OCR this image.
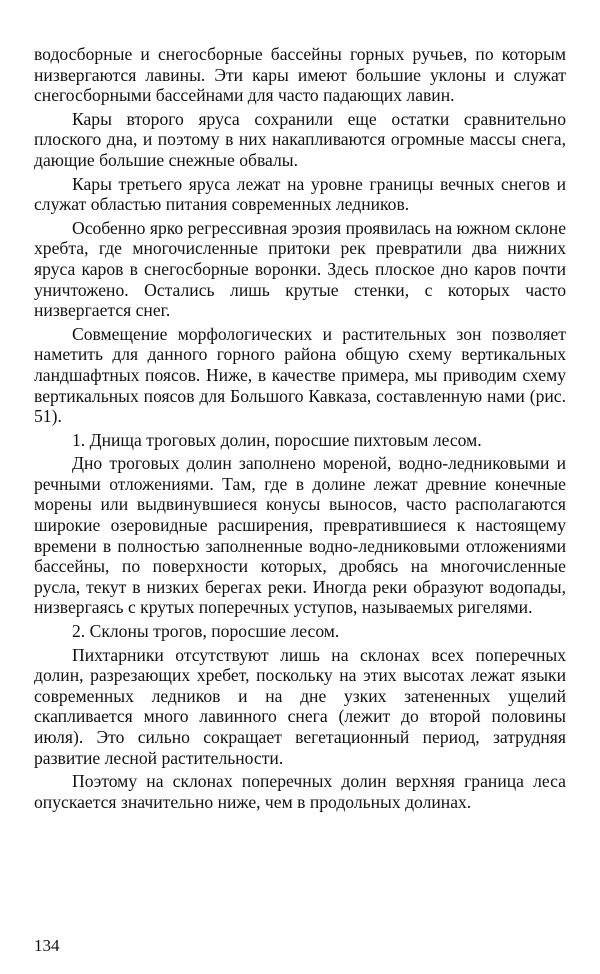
водосборные и снегосборные бассейны горных ручьев, по которым низвергаются лавины. Эти кары имеют большие уклоны и служат снегосборными бассейнами для часто падающих лавин.

Кары второго яруса сохранили еще остатки сравнительно плоского дна, и поэтому в них накапливаются огромные массы снега, дающие большие снежные обвалы.

Кары третьего яруса лежат на уровне границы вечных снегов и служат областью питания современных ледников.

Особенно ярко регрессивная эрозия проявилась на южном склоне хребта, где многочисленные притоки рек превратили два нижних яруса каров в снегосборные воронки. Здесь плоское дно каров почти уничтожено. Остались лишь крутые стенки, с которых часто низвергается снег.

Совмещение морфологических и растительных зон позволяет наметить для данного горного района общую схему вертикальных ландшафтных поясов. Ниже, в качестве примера, мы приводим схему вертикальных поясов для Большого Кавказа, составленную нами (рис. 51).

1. Днища троговых долин, поросшие пихтовым лесом.

Дно троговых долин заполнено мореной, водно-ледниковыми и речными отложениями. Там, где в долине лежат древние конечные морены или выдвинувшиеся конусы выносов, часто располагаются широкие озеровидные расширения, превратившиеся к настоящему времени в полностью заполненные водно-ледниковыми отложениями бассейны, по поверхности которых, дробясь на многочисленные русла, текут в низких берегах реки. Иногда реки образуют водопады, низвергаясь с крутых поперечных уступов, называемых ригелями.

2. Склоны трогов, поросшие лесом.

Пихтарники отсутствуют лишь на склонах всех поперечных долин, разрезающих хребет, поскольку на этих высотах лежат языки современных ледников и на дне узких затененных ущелий скапливается много лавинного снега (лежит до второй половины июля). Это сильно сокращает вегетационный период, затрудняя развитие лесной растительности.

Поэтому на склонах поперечных долин верхняя граница леса опускается значительно ниже, чем в продольных долинах.

134
